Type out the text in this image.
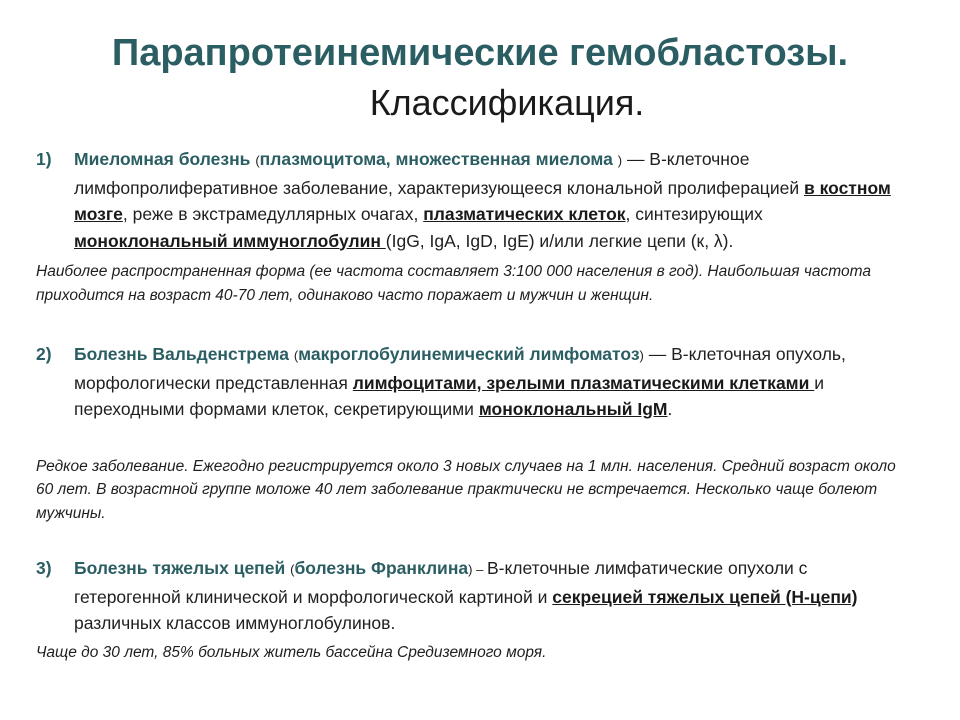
Парапротеинемические гемобластозы.
Классификация.
1) Миеломная болезнь (плазмоцитома, множественная миелома ) — В-клеточное лимфопролиферативное заболевание, характеризующееся клональной пролиферацией в костном мозге, реже в экстрамедуллярных очагах, плазматических клеток, синтезирующих моноклональный иммуноглобулин (IgG, IgA, IgD, IgE) и/или легкие цепи (к, λ).
Наиболее распространенная форма (ее частота составляет 3:100 000 населения в год). Наибольшая частота приходится на возраст 40-70 лет, одинаково часто поражает и мужчин и женщин.
2) Болезнь Вальденстрема (макроглобулинемический лимфоматоз) — В-клеточная опухоль, морфологически представленная лимфоцитами, зрелыми плазматическими клетками и переходными формами клеток, секретирующими моноклональный IgM.
Редкое заболевание. Ежегодно регистрируется около 3 новых случаев на 1 млн. населения. Средний возраст около 60 лет. В возрастной группе моложе 40 лет заболевание практически не встречается. Несколько чаще болеют мужчины.
3) Болезнь тяжелых цепей (болезнь Франклина) – В-клеточные лимфатические опухоли с гетерогенной клинической и морфологической картиной и секрецией тяжелых цепей (Н-цепи) различных классов иммуноглобулинов.
Чаще до 30 лет, 85% больных житель бассейна Средиземного моря.
